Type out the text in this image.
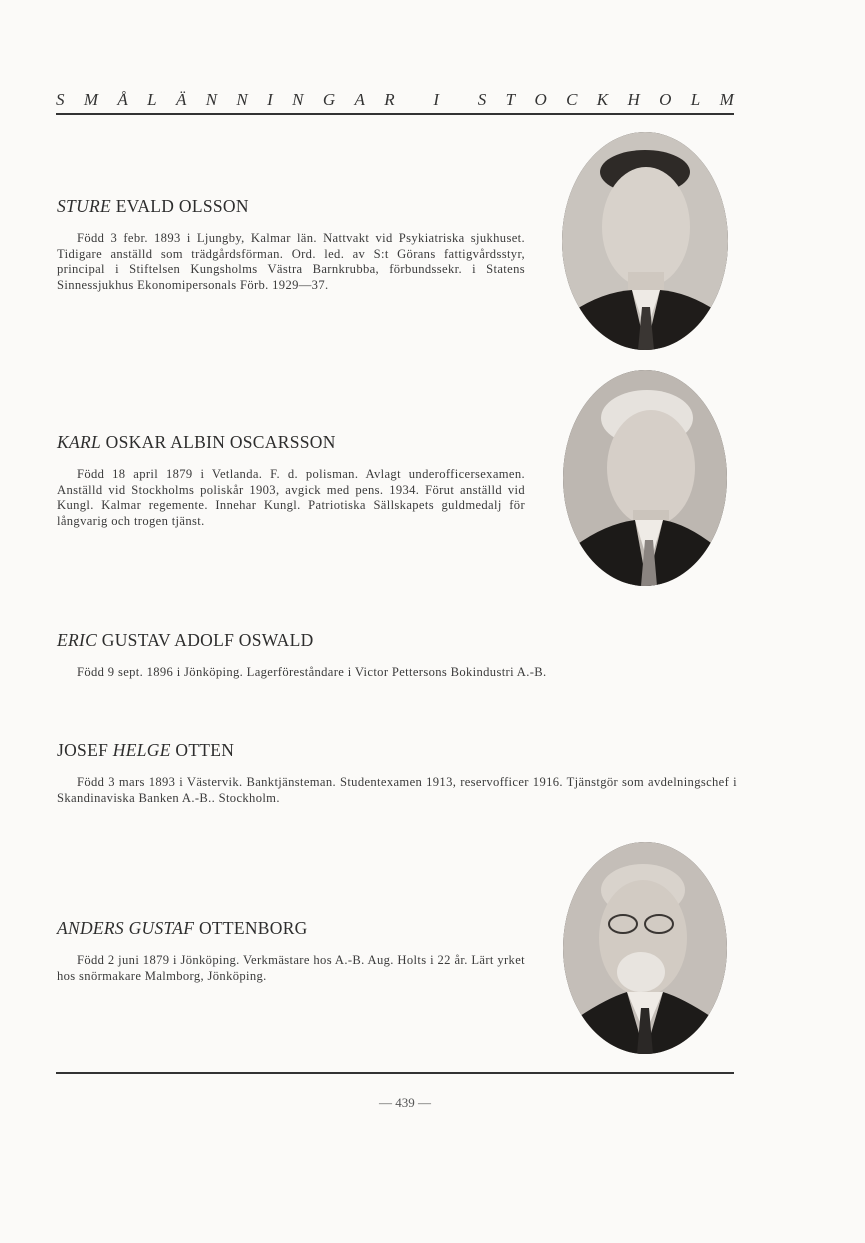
S M Å L Ä N N I N G A R I S T O C K H O L M
STURE EVALD OLSSON

Född 3 febr. 1893 i Ljungby, Kalmar län. Nattvakt vid Psykiatriska sjukhuset. Tidigare anställd som trädgårdsförman. Ord. led. av S:t Görans fattigvårdsstyr, principal i Stiftelsen Kungsholms Västra Barnkrubba, förbundssekr. i Statens Sinnessjukhus Ekonomipersonals Förb. 1929—37.

KARL OSKAR ALBIN OSCARSSON

Född 18 april 1879 i Vetlanda. F. d. polisman. Avlagt underofficersexamen. Anställd vid Stockholms poliskår 1903, avgick med pens. 1934. Förut anställd vid Kungl. Kalmar regemente. Innehar Kungl. Patriotiska Sällskapets guldmedalj för långvarig och trogen tjänst.

ERIC GUSTAV ADOLF OSWALD

Född 9 sept. 1896 i Jönköping. Lagerföreståndare i Victor Pettersons Bokindustri A.-B.

JOSEF HELGE OTTEN

Född 3 mars 1893 i Västervik. Banktjänsteman. Studentexamen 1913, reservofficer 1916. Tjänstgör som avdelningschef i Skandinaviska Banken A.-B.. Stockholm.

ANDERS GUSTAF OTTENBORG

Född 2 juni 1879 i Jönköping. Verkmästare hos A.-B. Aug. Holts i 22 år. Lärt yrket hos snörmakare Malmborg, Jönköping.

— 439 —
